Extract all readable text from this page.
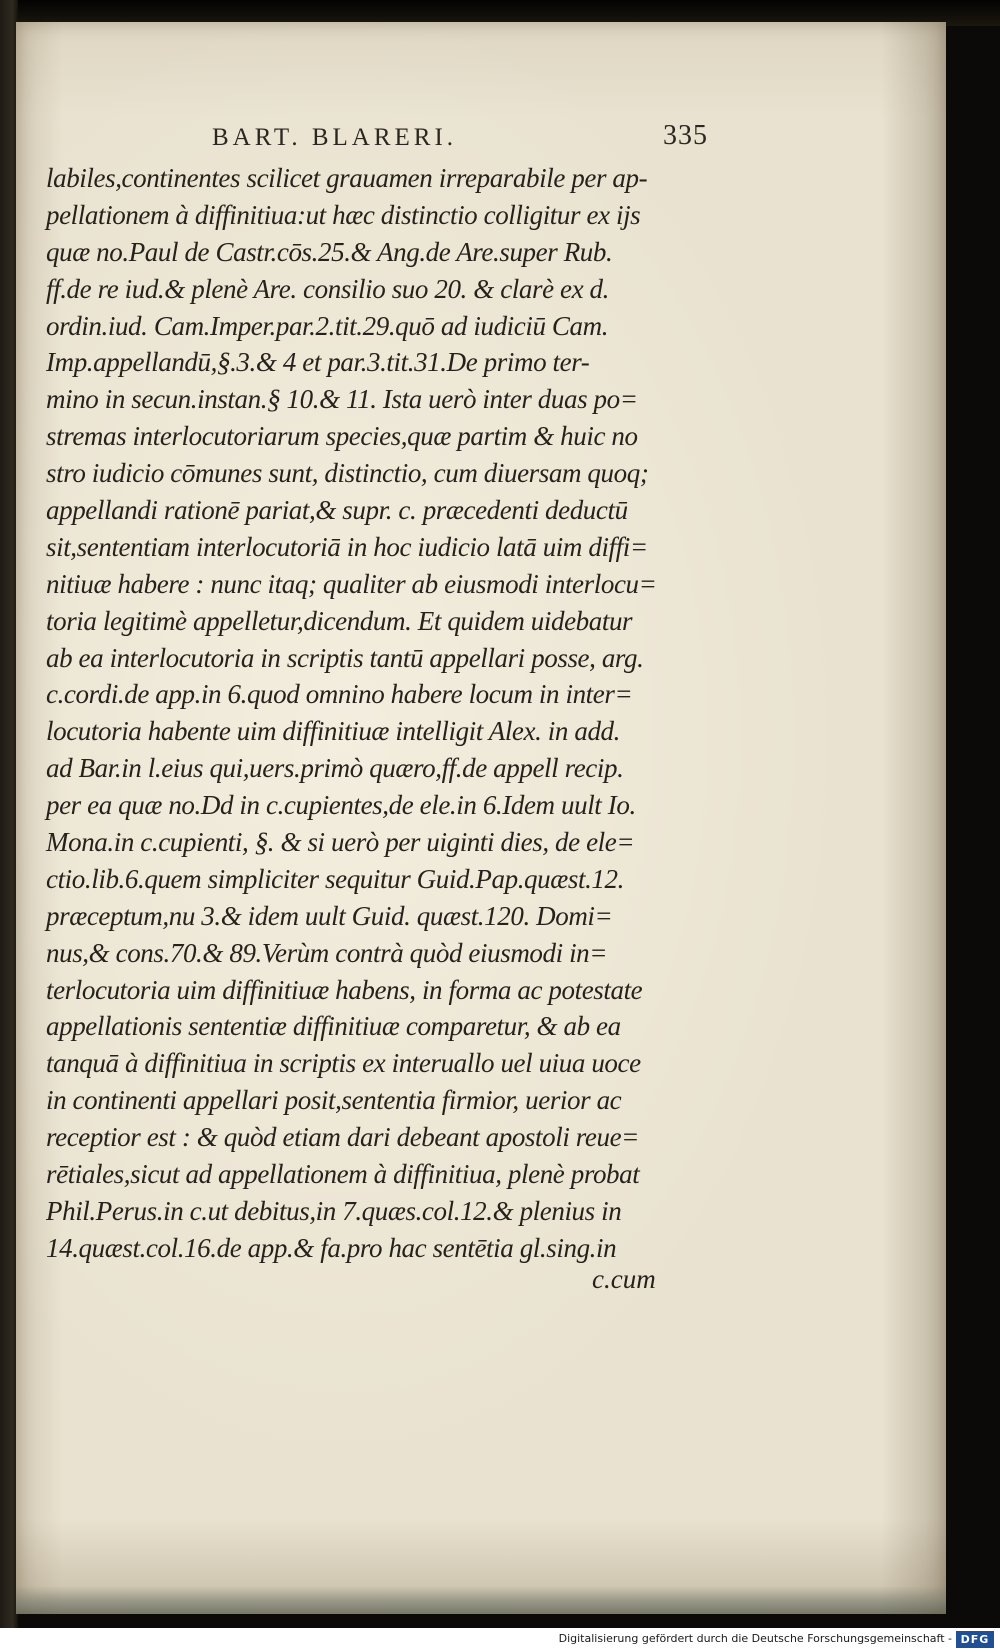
BART. BLARERI.	335
labiles,continentes scilicet grauamen irreparabile per ap-
pellationem à diffinitiua:ut hæc distinctio colligitur ex ijs
quæ no.Paul de Castr.cōs.25.& Ang.de Are.super Rub.
ff.de re iud.& plenè Are. consilio suo 20. & clarè ex d.
ordin.iud. Cam.Imper.par.2.tit.29.quō ad iudiciū Cam.
Imp.appellandū,§.3.& 4 et par.3.tit.31.De primo ter-
mino in secun.instan.§ 10.& 11. Ista uerò inter duas po=
stremas interlocutoriarum species,quæ partim & huic no
stro iudicio cōmunes sunt, distinctio, cum diuersam quoq;
appellandi rationē pariat,& supr. c. præcedenti deductū
sit,sententiam interlocutoriā in hoc iudicio latā uim diffi=
nitiuæ habere : nunc itaq; qualiter ab eiusmodi interlocu=
toria legitimè appelletur,dicendum. Et quidem uidebatur
ab ea interlocutoria in scriptis tantū appellari posse, arg.
c.cordi.de app.in 6.quod omnino habere locum in inter=
locutoria habente uim diffinitiuæ intelligit Alex. in add.
ad Bar.in l.eius qui,uers.primò quæro,ff.de appell recip.
per ea quæ no.Dd in c.cupientes,de ele.in 6.Idem uult Io.
Mona.in c.cupienti, §. & si uerò per uiginti dies, de ele=
ctio.lib.6.quem simpliciter sequitur Guid.Pap.quæst.12.
præceptum,nu 3.& idem uult Guid. quæst.120. Domi=
nus,& cons.70.& 89.Verùm contrà quòd eiusmodi in=
terlocutoria uim diffinitiuæ habens, in forma ac potestate
appellationis sententiæ diffinitiuæ comparetur, & ab ea
tanquā à diffinitiua in scriptis ex interuallo uel uiua uoce
in continenti appellari posit,sententia firmior, uerior ac
receptior est : & quòd etiam dari debeant apostoli reue=
rētiales,sicut ad appellationem à diffinitiua, plenè probat
Phil.Perus.in c.ut debitus,in 7.quæs.col.12.& plenius in
14.quæst.col.16.de app.& fa.pro hac sentētia gl.sing.in
c.cum
Digitalisierung gefördert durch die Deutsche Forschungsgemeinschaft - DFG
